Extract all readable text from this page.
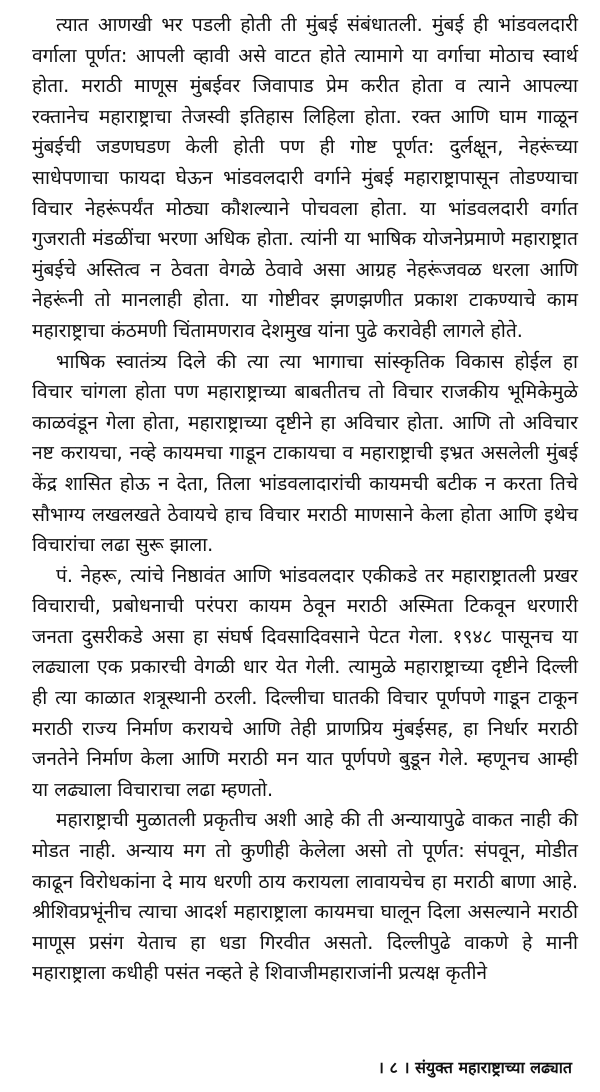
त्यात आणखी भर पडली होती ती मुंबई संबंधातली. मुंबई ही भांडवलदारी वर्गाला पूर्णत: आपली व्हावी असे वाटत होते त्यामागे या वर्गाचा मोठाच स्वार्थ होता. मराठी माणूस मुंबईवर जिवापाड प्रेम करीत होता व त्याने आपल्या रक्तानेच महाराष्ट्राचा तेजस्वी इतिहास लिहिला होता. रक्त आणि घाम गाळून मुंबईची जडणघडण केली होती पण ही गोष्ट पूर्णत: दुर्लक्षून, नेहरूंच्या साधेपणाचा फायदा घेऊन भांडवलदारी वर्गाने मुंबई महाराष्ट्रापासून तोडण्याचा विचार नेहरूंपर्यंत मोठ्या कौशल्याने पोचवला होता. या भांडवलदारी वर्गात गुजराती मंडळींचा भरणा अधिक होता. त्यांनी या भाषिक योजनेप्रमाणे महाराष्ट्रात मुंबईचे अस्तित्व न ठेवता वेगळे ठेवावे असा आग्रह नेहरूंजवळ धरला आणि नेहरूंनी तो मानलाही होता. या गोष्टीवर झणझणीत प्रकाश टाकण्याचे काम महाराष्ट्राचा कंठमणी चिंतामणराव देशमुख यांना पुढे करावेही लागले होते.

भाषिक स्वातंत्र्य दिले की त्या त्या भागाचा सांस्कृतिक विकास होईल हा विचार चांगला होता पण महाराष्ट्राच्या बाबतीतच तो विचार राजकीय भूमिकेमुळे काळवंडून गेला होता, महाराष्ट्राच्या दृष्टीने हा अविचार होता. आणि तो अविचार नष्ट करायचा, नव्हे कायमचा गाडून टाकायचा व महाराष्ट्राची इभ्रत असलेली मुंबई केंद्र शासित होऊ न देता, तिला भांडवलादारांची कायमची बटीक न करता तिचे सौभाग्य लखलखते ठेवायचे हाच विचार मराठी माणसाने केला होता आणि इथेच विचारांचा लढा सुरू झाला.

पं. नेहरू, त्यांचे निष्ठावंत आणि भांडवलदार एकीकडे तर महाराष्ट्रातली प्रखर विचाराची, प्रबोधनाची परंपरा कायम ठेवून मराठी अस्मिता टिकवून धरणारी जनता दुसरीकडे असा हा संघर्ष दिवसादिवसाने पेटत गेला. १९४८ पासूनच या लढ्याला एक प्रकारची वेगळी धार येत गेली. त्यामुळे महाराष्ट्राच्या दृष्टीने दिल्ली ही त्या काळात शत्रूस्थानी ठरली. दिल्लीचा घातकी विचार पूर्णपणे गाडून टाकून मराठी राज्य निर्माण करायचे आणि तेही प्राणप्रिय मुंबईसह, हा निर्धार मराठी जनतेने निर्माण केला आणि मराठी मन यात पूर्णपणे बुडून गेले. म्हणूनच आम्ही या लढ्याला विचाराचा लढा म्हणतो.

महाराष्ट्राची मुळातली प्रकृतीच अशी आहे की ती अन्यायापुढे वाकत नाही की मोडत नाही. अन्याय मग तो कुणीही केलेला असो तो पूर्णत: संपवून, मोडीत काढून विरोधकांना दे माय धरणी ठाय करायला लावायचेच हा मराठी बाणा आहे. श्रीशिवप्रभूंनीच त्याचा आदर्श महाराष्ट्राला कायमचा घालून दिला असल्याने मराठी माणूस प्रसंग येताच हा धडा गिरवीत असतो. दिल्लीपुढे वाकणे हे मानी महाराष्ट्राला कधीही पसंत नव्हते हे शिवाजीमहाराजांनी प्रत्यक्ष कृतीने

। ८ । संयुक्त महाराष्ट्राच्या लढ्यात
